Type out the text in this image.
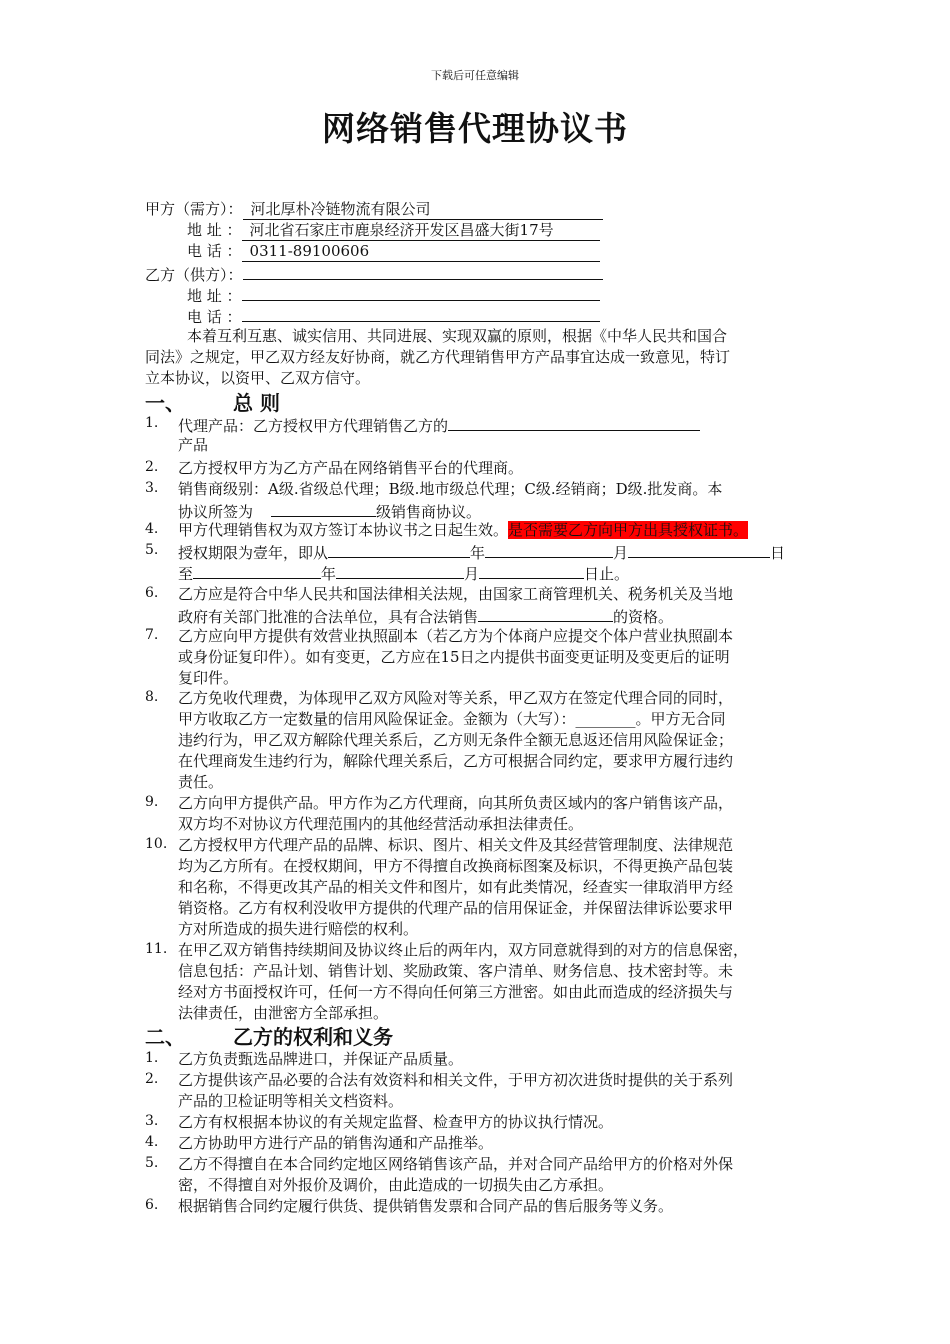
下载后可任意编辑
网络销售代理协议书
甲方（需方）： 河北厚朴冷链物流有限公司
地 址 ： 河北省石家庄市鹿泉经济开发区昌盛大街17号
电 话 ： 0311-89100606
乙方（供方）：
地 址 ：
电 话 ：
本着互利互惠、诚实信用、共同进展、实现双赢的原则，根据《中华人民共和国合
同法》之规定，甲乙双方经友好协商，就乙方代理销售甲方产品事宜达成一致意见，特订
立本协议，以资甲、乙双方信守。
一、 总 则
1. 代理产品：乙方授权甲方代理销售乙方的
产品
2. 乙方授权甲方为乙方产品在网络销售平台的代理商。
3. 销售商级别：A级.省级总代理；B级.地市级总代理；C级.经销商；D级.批发商。本
协议所签为	级销售商协议。
4. 甲方代理销售权为双方签订本协议书之日起生效。是否需要乙方向甲方出具授权证书。
5. 授权期限为壹年，即从	年	月	日
至	年	月	日止。
6. 乙方应是符合中华人民共和国法律相关法规，由国家工商管理机关、税务机关及当地
政府有关部门批准的合法单位，具有合法销售	的资格。
7. 乙方应向甲方提供有效营业执照副本（若乙方为个体商户应提交个体户营业执照副本
或身份证复印件）。如有变更，乙方应在15日之内提供书面变更证明及变更后的证明
复印件。
8. 乙方免收代理费，为体现甲乙双方风险对等关系，甲乙双方在签定代理合同的同时，
甲方收取乙方一定数量的信用风险保证金。金额为（大写）：________。甲方无合同
违约行为，甲乙双方解除代理关系后，乙方则无条件全额无息返还信用风险保证金；
在代理商发生违约行为，解除代理关系后，乙方可根据合同约定，要求甲方履行违约
责任。
9. 乙方向甲方提供产品。甲方作为乙方代理商，向其所负责区域内的客户销售该产品，
双方均不对协议方代理范围内的其他经营活动承担法律责任。
10. 乙方授权甲方代理产品的品牌、标识、图片、相关文件及其经营管理制度、法律规范
均为乙方所有。在授权期间，甲方不得擅自改换商标图案及标识，不得更换产品包装
和名称，不得更改其产品的相关文件和图片，如有此类情况，经查实一律取消甲方经
销资格。乙方有权利没收甲方提供的代理产品的信用保证金，并保留法律诉讼要求甲
方对所造成的损失进行赔偿的权利。
11. 在甲乙双方销售持续期间及协议终止后的两年内，双方同意就得到的对方的信息保密，
信息包括：产品计划、销售计划、奖励政策、客户清单、财务信息、技术密封等。未
经对方书面授权许可，任何一方不得向任何第三方泄密。如由此而造成的经济损失与
法律责任，由泄密方全部承担。
二、 乙方的权利和义务
1. 乙方负责甄选品牌进口，并保证产品质量。
2. 乙方提供该产品必要的合法有效资料和相关文件，于甲方初次进货时提供的关于系列
产品的卫检证明等相关文档资料。
3. 乙方有权根据本协议的有关规定监督、检查甲方的协议执行情况。
4. 乙方协助甲方进行产品的销售沟通和产品推举。
5. 乙方不得擅自在本合同约定地区网络销售该产品，并对合同产品给甲方的价格对外保
密，不得擅自对外报价及调价，由此造成的一切损失由乙方承担。
6. 根据销售合同约定履行供货、提供销售发票和合同产品的售后服务等义务。
